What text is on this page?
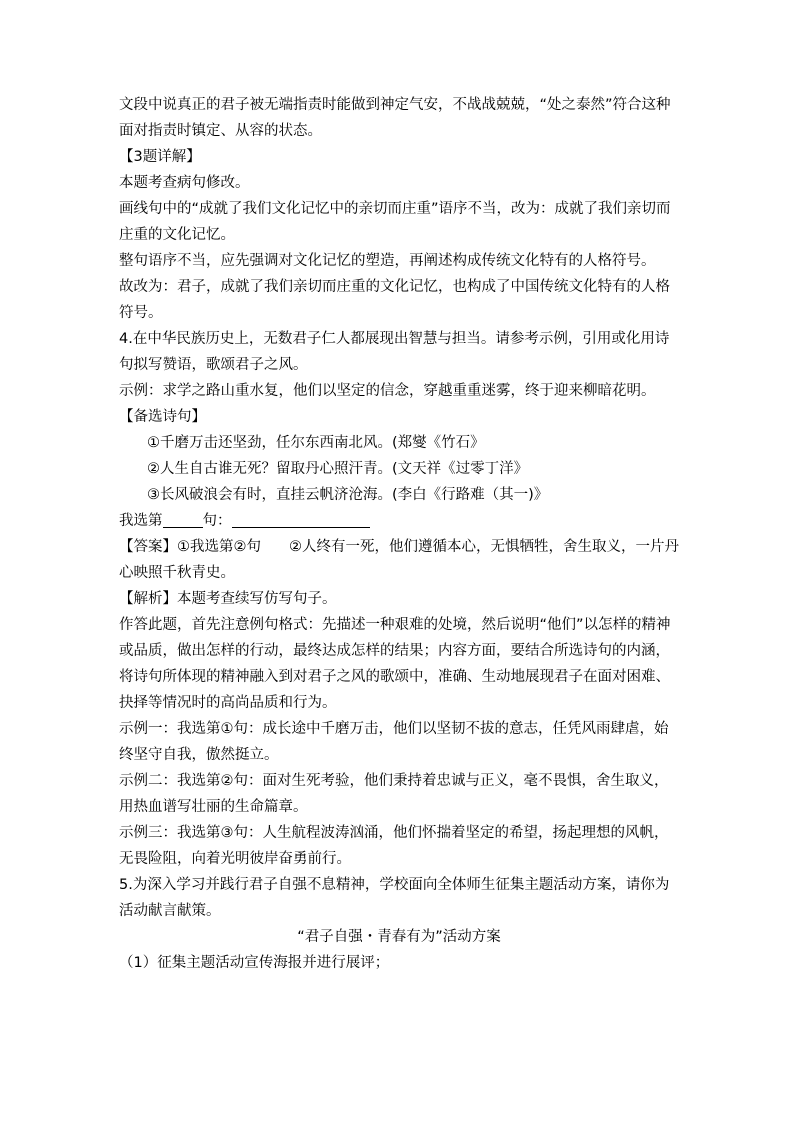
文段中说真正的君子被无端指责时能做到神定气安，不战战兢兢，“处之泰然”符合这种面对指责时镇定、从容的状态。

【3题详解】

本题考查病句修改。

画线句中的“成就了我们文化记忆中的亲切而庄重”语序不当，改为：成就了我们亲切而庄重的文化记忆。

整句语序不当，应先强调对文化记忆的塑造，再阐述构成传统文化特有的人格符号。

故改为：君子，成就了我们亲切而庄重的文化记忆，也构成了中国传统文化特有的人格符号。

4.在中华民族历史上，无数君子仁人都展现出智慧与担当。请参考示例，引用或化用诗句拟写赞语，歌颂君子之风。

示例：求学之路山重水复，他们以坚定的信念，穿越重重迷雾，终于迎来柳暗花明。

【备选诗句】

①千磨万击还坚劲，任尔东西南北风。(郑燮《竹石》

②人生自古谁无死？留取丹心照汗青。(文天祥《过零丁洋》

③长风破浪会有时，直挂云帆济沧海。(李白《行路难（其一)》

我选第	句：

【答案】①我选第②句 ②人终有一死，他们遵循本心，无惧牺牲，舍生取义，一片丹心映照千秋青史。

【解析】本题考查续写仿写句子。

作答此题，首先注意例句格式：先描述一种艰难的处境，然后说明“他们”以怎样的精神或品质，做出怎样的行动，最终达成怎样的结果；内容方面，要结合所选诗句的内涵，将诗句所体现的精神融入到对君子之风的歌颂中，准确、生动地展现君子在面对困难、抉择等情况时的高尚品质和行为。

示例一：我选第①句：成长途中千磨万击，他们以坚韧不拔的意志，任凭风雨肆虐，始终坚守自我，傲然挺立。

示例二：我选第②句：面对生死考验，他们秉持着忠诚与正义，毫不畏惧，舍生取义，用热血谱写壮丽的生命篇章。

示例三：我选第③句：人生航程波涛汹涌，他们怀揣着坚定的希望，扬起理想的风帆，无畏险阻，向着光明彼岸奋勇前行。

5.为深入学习并践行君子自强不息精神，学校面向全体师生征集主题活动方案，请你为活动献言献策。

“君子自强・青春有为”活动方案

（1）征集主题活动宣传海报并进行展评；
